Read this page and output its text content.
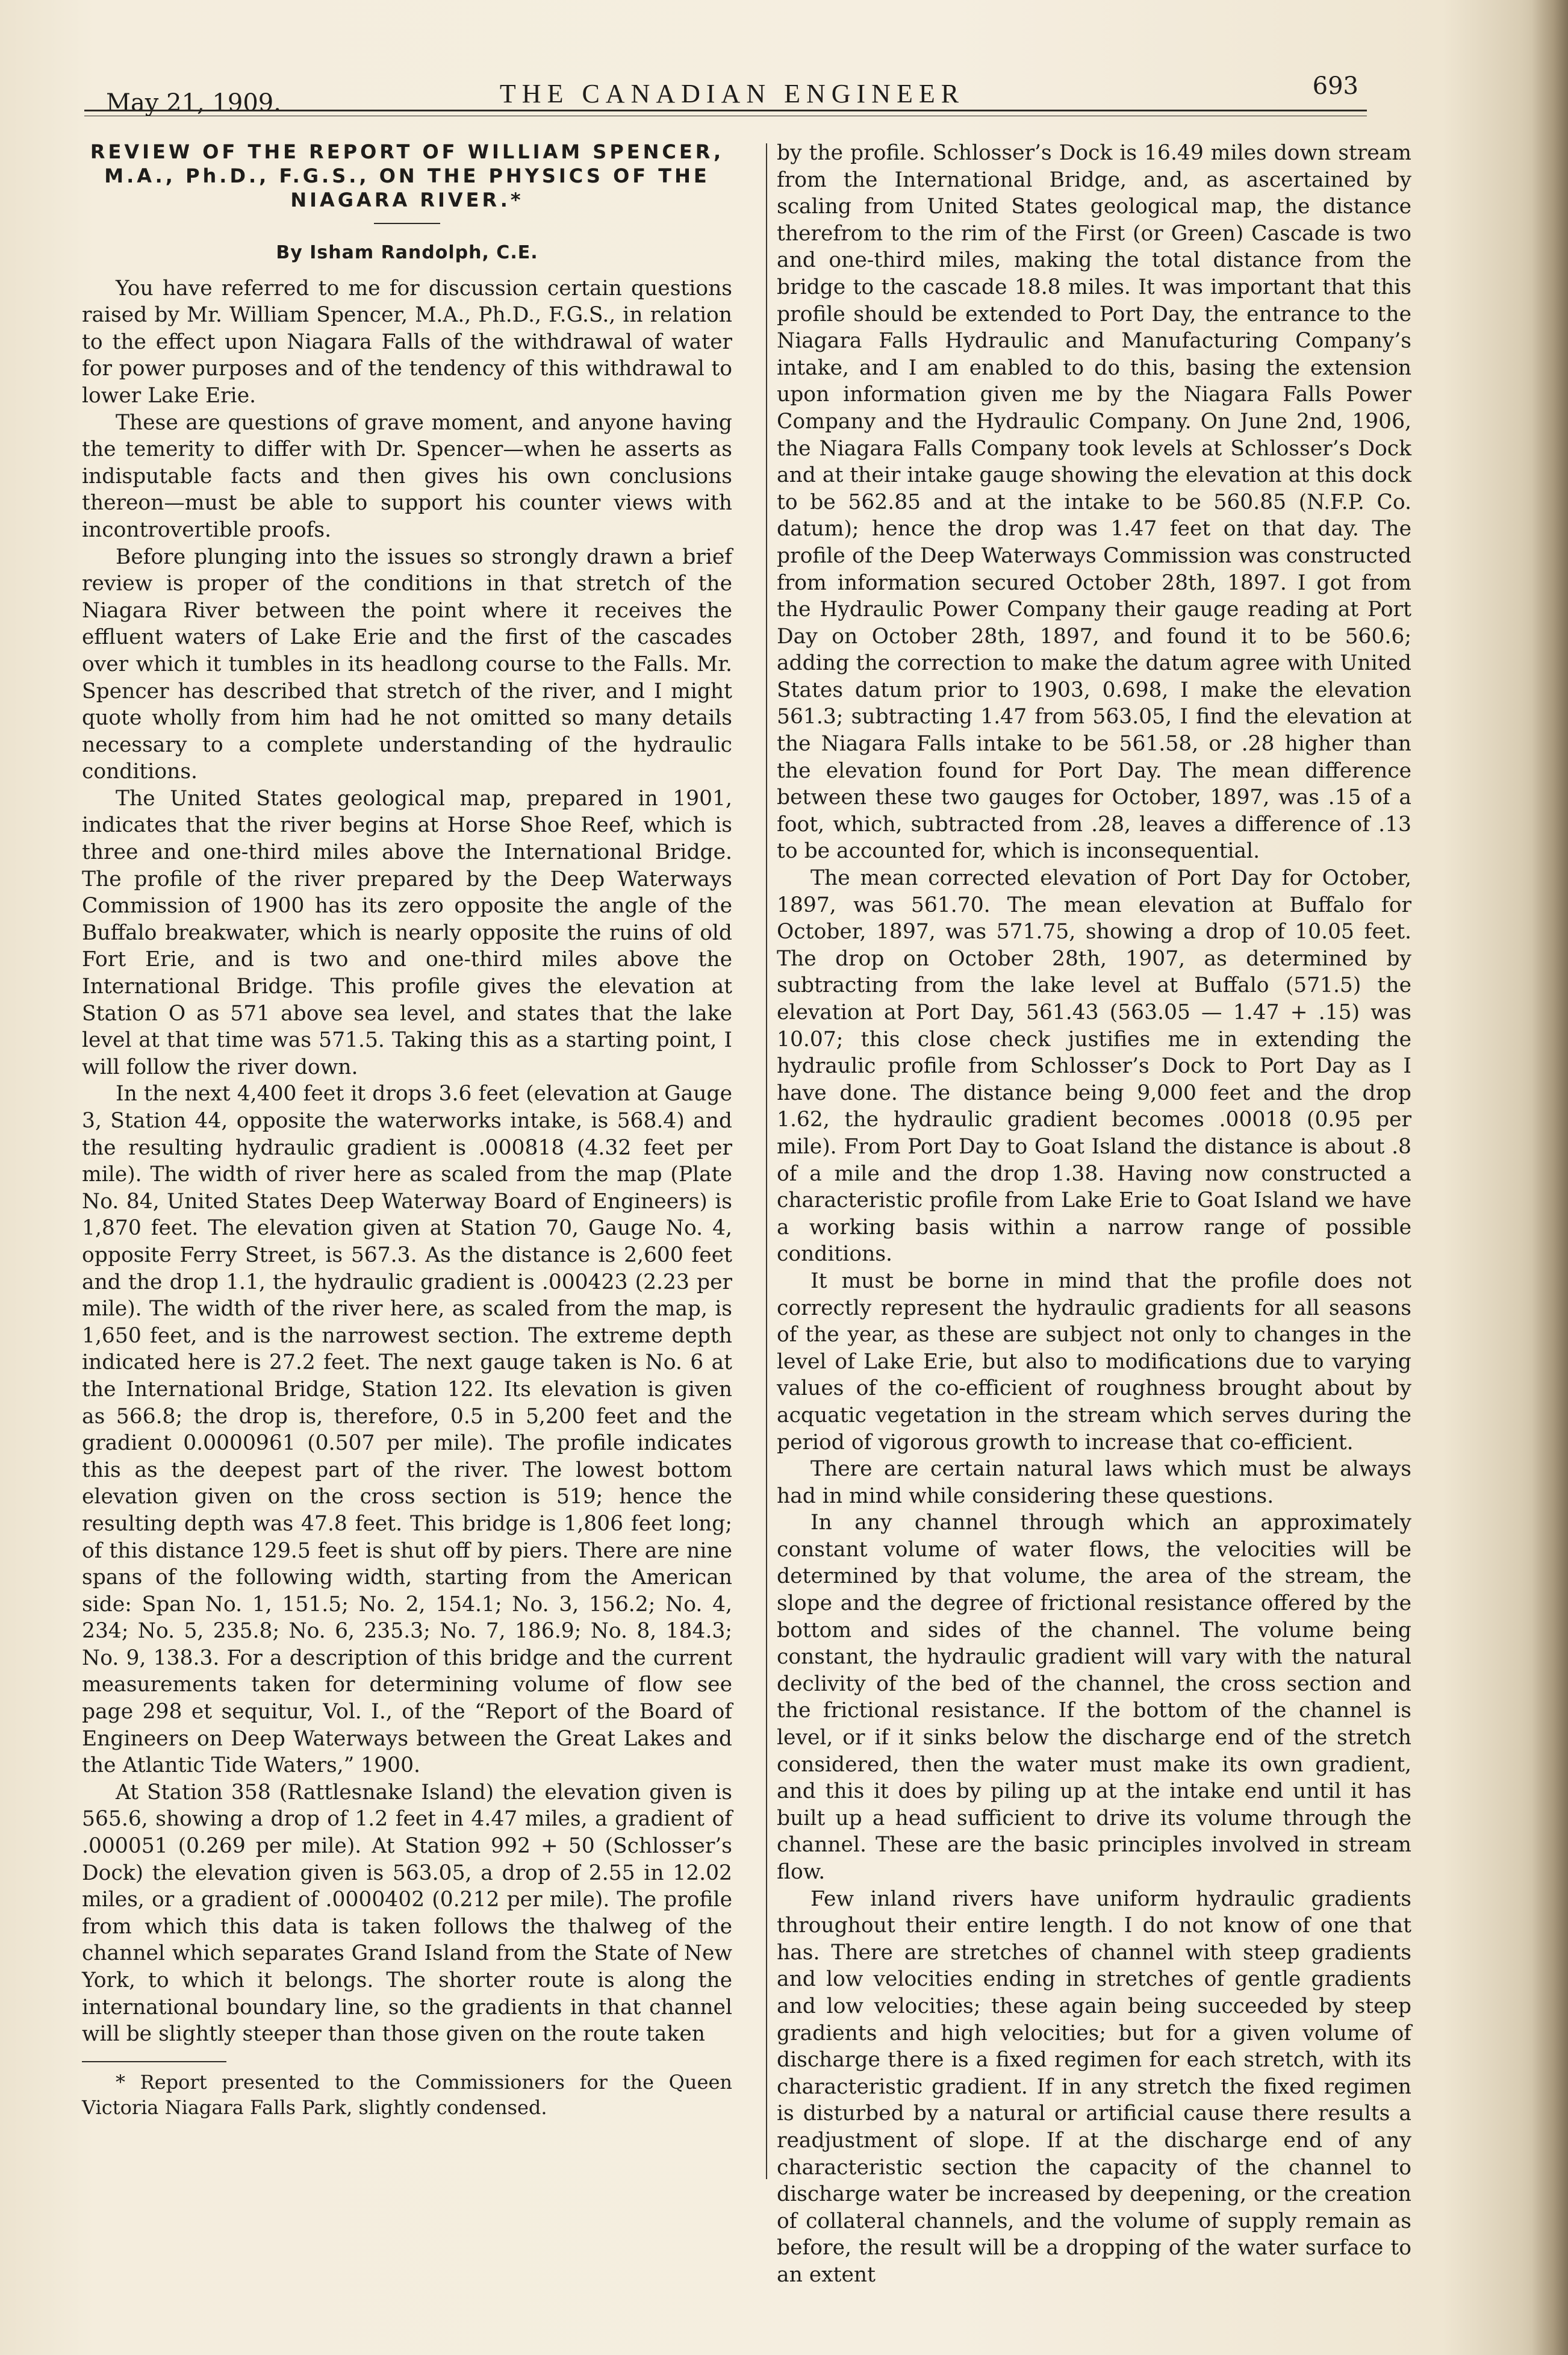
May 21, 1909.	THE CANADIAN ENGINEER	693
REVIEW OF THE REPORT OF WILLIAM SPENCER, M.A., Ph.D., F.G.S., ON THE PHYSICS OF THE NIAGARA RIVER.*
By Isham Randolph, C.E.

You have referred to me for discussion certain questions raised by Mr. William Spencer, M.A., Ph.D., F.G.S., in relation to the effect upon Niagara Falls of the withdrawal of water for power purposes and of the tendency of this withdrawal to lower Lake Erie.

These are questions of grave moment, and anyone having the temerity to differ with Dr. Spencer—when he asserts as indisputable facts and then gives his own conclusions thereon—must be able to support his counter views with incontrovertible proofs.

Before plunging into the issues so strongly drawn a brief review is proper of the conditions in that stretch of the Niagara River between the point where it receives the effluent waters of Lake Erie and the first of the cascades over which it tumbles in its headlong course to the Falls. Mr. Spencer has described that stretch of the river, and I might quote wholly from him had he not omitted so many details necessary to a complete understanding of the hydraulic conditions.

The United States geological map, prepared in 1901, indicates that the river begins at Horse Shoe Reef, which is three and one-third miles above the International Bridge. The profile of the river prepared by the Deep Waterways Commission of 1900 has its zero opposite the angle of the Buffalo breakwater, which is nearly opposite the ruins of old Fort Erie, and is two and one-third miles above the International Bridge. This profile gives the elevation at Station O as 571 above sea level, and states that the lake level at that time was 571.5. Taking this as a starting point, I will follow the river down.

In the next 4,400 feet it drops 3.6 feet (elevation at Gauge 3, Station 44, opposite the waterworks intake, is 568.4) and the resulting hydraulic gradient is .000818 (4.32 feet per mile). The width of river here as scaled from the map (Plate No. 84, United States Deep Waterway Board of Engineers) is 1,870 feet. The elevation given at Station 70, Gauge No. 4, opposite Ferry Street, is 567.3. As the distance is 2,600 feet and the drop 1.1, the hydraulic gradient is .000423 (2.23 per mile). The width of the river here, as scaled from the map, is 1,650 feet, and is the narrowest section. The extreme depth indicated here is 27.2 feet. The next gauge taken is No. 6 at the International Bridge, Station 122. Its elevation is given as 566.8; the drop is, therefore, 0.5 in 5,200 feet and the gradient 0.0000961 (0.507 per mile). The profile indicates this as the deepest part of the river. The lowest bottom elevation given on the cross section is 519; hence the resulting depth was 47.8 feet. This bridge is 1,806 feet long; of this distance 129.5 feet is shut off by piers. There are nine spans of the following width, starting from the American side: Span No. 1, 151.5; No. 2, 154.1; No. 3, 156.2; No. 4, 234; No. 5, 235.8; No. 6, 235.3; No. 7, 186.9; No. 8, 184.3; No. 9, 138.3. For a description of this bridge and the current measurements taken for determining volume of flow see page 298 et sequitur, Vol. I., of the “Report of the Board of Engineers on Deep Waterways between the Great Lakes and the Atlantic Tide Waters,” 1900.

At Station 358 (Rattlesnake Island) the elevation given is 565.6, showing a drop of 1.2 feet in 4.47 miles, a gradient of .000051 (0.269 per mile). At Station 992 + 50 (Schlosser’s Dock) the elevation given is 563.05, a drop of 2.55 in 12.02 miles, or a gradient of .0000402 (0.212 per mile). The profile from which this data is taken follows the thalweg of the channel which separates Grand Island from the State of New York, to which it belongs. The shorter route is along the international boundary line, so the gradients in that channel will be slightly steeper than those given on the route taken

* Report presented to the Commissioners for the Queen Victoria Niagara Falls Park, slightly condensed.

by the profile. Schlosser’s Dock is 16.49 miles down stream from the International Bridge, and, as ascertained by scaling from United States geological map, the distance therefrom to the rim of the First (or Green) Cascade is two and one-third miles, making the total distance from the bridge to the cascade 18.8 miles. It was important that this profile should be extended to Port Day, the entrance to the Niagara Falls Hydraulic and Manufacturing Company’s intake, and I am enabled to do this, basing the extension upon information given me by the Niagara Falls Power Company and the Hydraulic Company. On June 2nd, 1906, the Niagara Falls Company took levels at Schlosser’s Dock and at their intake gauge showing the elevation at this dock to be 562.85 and at the intake to be 560.85 (N.F.P. Co. datum); hence the drop was 1.47 feet on that day. The profile of the Deep Waterways Commission was constructed from information secured October 28th, 1897. I got from the Hydraulic Power Company their gauge reading at Port Day on October 28th, 1897, and found it to be 560.6; adding the correction to make the datum agree with United States datum prior to 1903, 0.698, I make the elevation 561.3; subtracting 1.47 from 563.05, I find the elevation at the Niagara Falls intake to be 561.58, or .28 higher than the elevation found for Port Day. The mean difference between these two gauges for October, 1897, was .15 of a foot, which, subtracted from .28, leaves a difference of .13 to be accounted for, which is inconsequential.

The mean corrected elevation of Port Day for October, 1897, was 561.70. The mean elevation at Buffalo for October, 1897, was 571.75, showing a drop of 10.05 feet. The drop on October 28th, 1907, as determined by subtracting from the lake level at Buffalo (571.5) the elevation at Port Day, 561.43 (563.05 — 1.47 + .15) was 10.07; this close check justifies me in extending the hydraulic profile from Schlosser’s Dock to Port Day as I have done. The distance being 9,000 feet and the drop 1.62, the hydraulic gradient becomes .00018 (0.95 per mile). From Port Day to Goat Island the distance is about .8 of a mile and the drop 1.38. Having now constructed a characteristic profile from Lake Erie to Goat Island we have a working basis within a narrow range of possible conditions.

It must be borne in mind that the profile does not correctly represent the hydraulic gradients for all seasons of the year, as these are subject not only to changes in the level of Lake Erie, but also to modifications due to varying values of the co-efficient of roughness brought about by acquatic vegetation in the stream which serves during the period of vigorous growth to increase that co-efficient.

There are certain natural laws which must be always had in mind while considering these questions.

In any channel through which an approximately constant volume of water flows, the velocities will be determined by that volume, the area of the stream, the slope and the degree of frictional resistance offered by the bottom and sides of the channel. The volume being constant, the hydraulic gradient will vary with the natural declivity of the bed of the channel, the cross section and the frictional resistance. If the bottom of the channel is level, or if it sinks below the discharge end of the stretch considered, then the water must make its own gradient, and this it does by piling up at the intake end until it has built up a head sufficient to drive its volume through the channel. These are the basic principles involved in stream flow.

Few inland rivers have uniform hydraulic gradients throughout their entire length. I do not know of one that has. There are stretches of channel with steep gradients and low velocities ending in stretches of gentle gradients and low velocities; these again being succeeded by steep gradients and high velocities; but for a given volume of discharge there is a fixed regimen for each stretch, with its characteristic gradient. If in any stretch the fixed regimen is disturbed by a natural or artificial cause there results a readjustment of slope. If at the discharge end of any characteristic section the capacity of the channel to discharge water be increased by deepening, or the creation of collateral channels, and the volume of supply remain as before, the result will be a dropping of the water surface to an extent
